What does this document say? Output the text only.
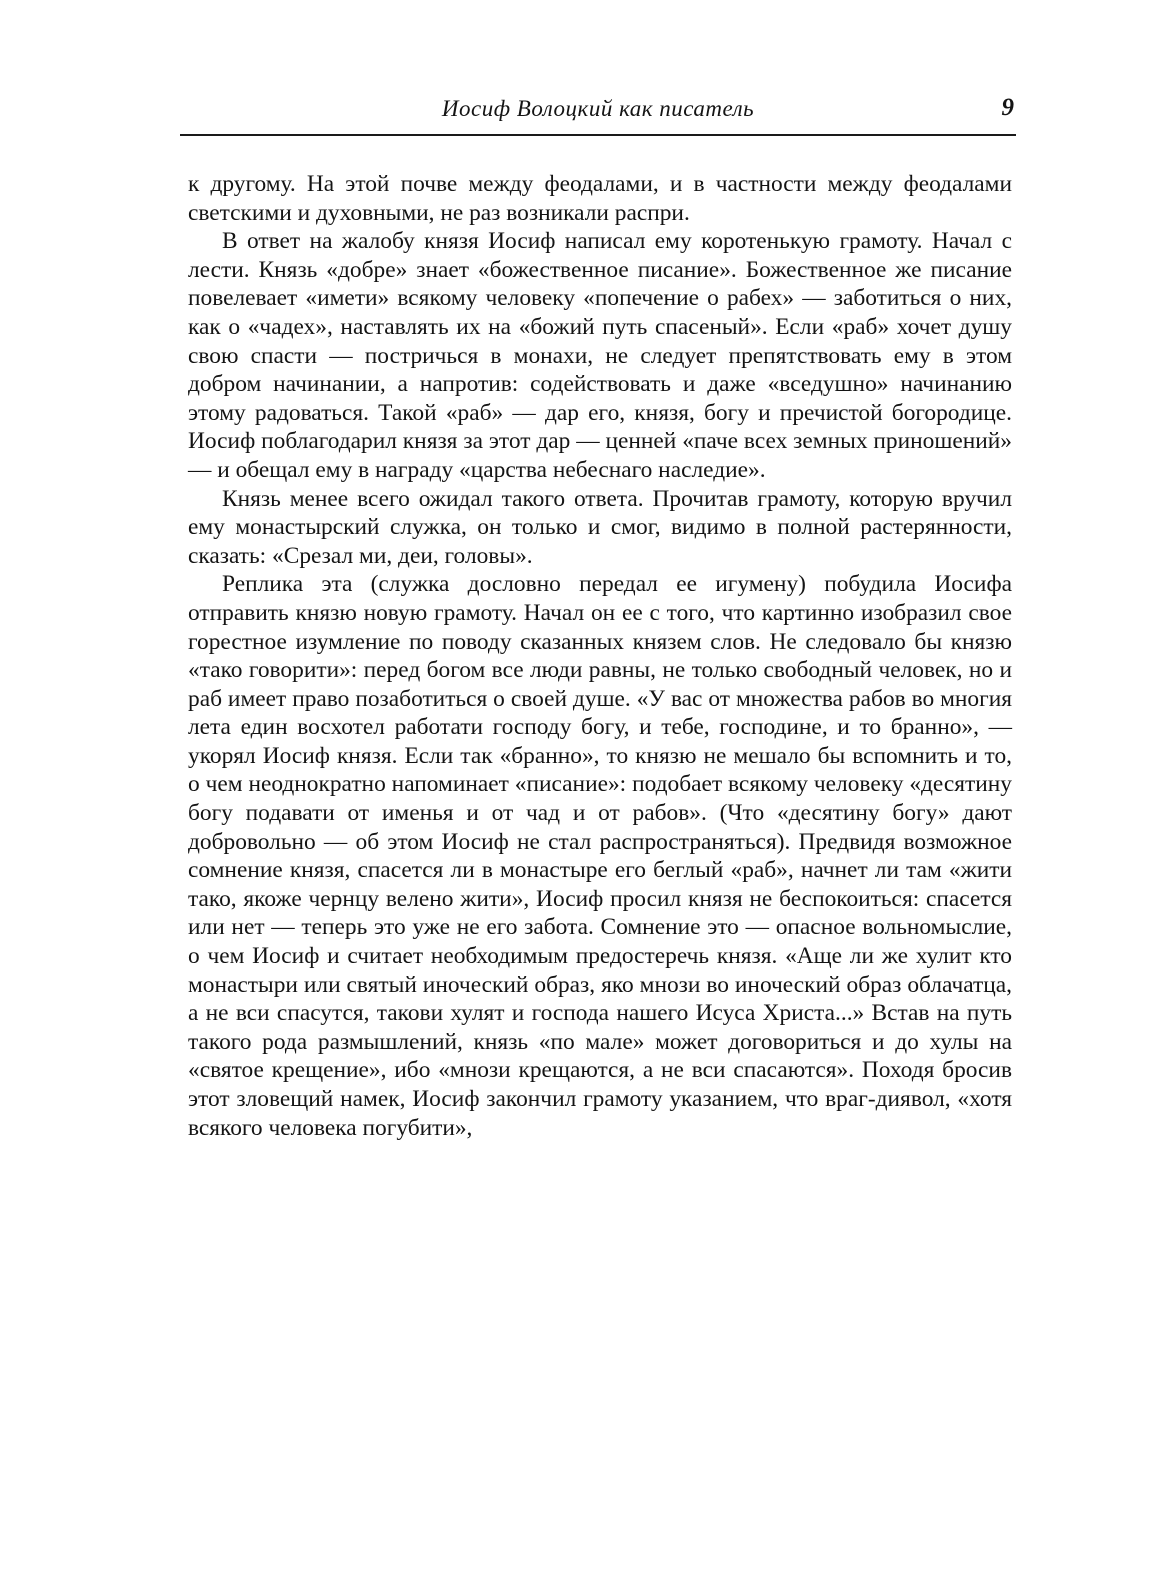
Иосиф Волоцкий как писатель	9

к другому. На этой почве между феодалами, и в частности между феодалами светскими и духовными, не раз возникали распри.

В ответ на жалобу князя Иосиф написал ему коротенькую грамоту. Начал с лести. Князь «добре» знает «божественное писание». Божественное же писание повелевает «имети» всякому человеку «попечение о рабех» — заботиться о них, как о «чадех», наставлять их на «божий путь спасеный». Если «раб» хочет душу свою спасти — постричься в монахи, не следует препятствовать ему в этом добром начинании, а напротив: содействовать и даже «вседушно» начинанию этому радоваться. Такой «раб» — дар его, князя, богу и пречистой богородице. Иосиф поблагодарил князя за этот дар — ценней «паче всех земных приношений» — и обещал ему в награду «царства небеснаго наследие».

Князь менее всего ожидал такого ответа. Прочитав грамоту, которую вручил ему монастырский служка, он только и смог, видимо в полной растерянности, сказать: «Срезал ми, деи, головы».

Реплика эта (служка дословно передал ее игумену) побудила Иосифа отправить князю новую грамоту. Начал он ее с того, что картинно изобразил свое горестное изумление по поводу сказанных князем слов. Не следовало бы князю «тако говорити»: перед богом все люди равны, не только свободный человек, но и раб имеет право позаботиться о своей душе. «У вас от множества рабов во многия лета един восхотел работати господу богу, и тебе, господине, и то бранно», — укорял Иосиф князя. Если так «бранно», то князю не мешало бы вспомнить и то, о чем неоднократно напоминает «писание»: подобает всякому человеку «десятину богу подавати от именья и от чад и от рабов». (Что «десятину богу» дают добровольно — об этом Иосиф не стал распространяться). Предвидя возможное сомнение князя, спасется ли в монастыре его беглый «раб», начнет ли там «жити тако, якоже чернцу велено жити», Иосиф просил князя не беспокоиться: спасется или нет — теперь это уже не его забота. Сомнение это — опасное вольномыслие, о чем Иосиф и считает необходимым предостеречь князя. «Аще ли же хулит кто монастыри или святый иноческий образ, яко мнози во иноческий образ облачатца, а не вси спасутся, такови хулят и господа нашего Исуса Христа...» Встав на путь такого рода размышлений, князь «по мале» может договориться и до хулы на «святое крещение», ибо «мнози крещаются, а не вси спасаются». Походя бросив этот зловещий намек, Иосиф закончил грамоту указанием, что враг-диявол, «хотя всякого человека погубити»,
